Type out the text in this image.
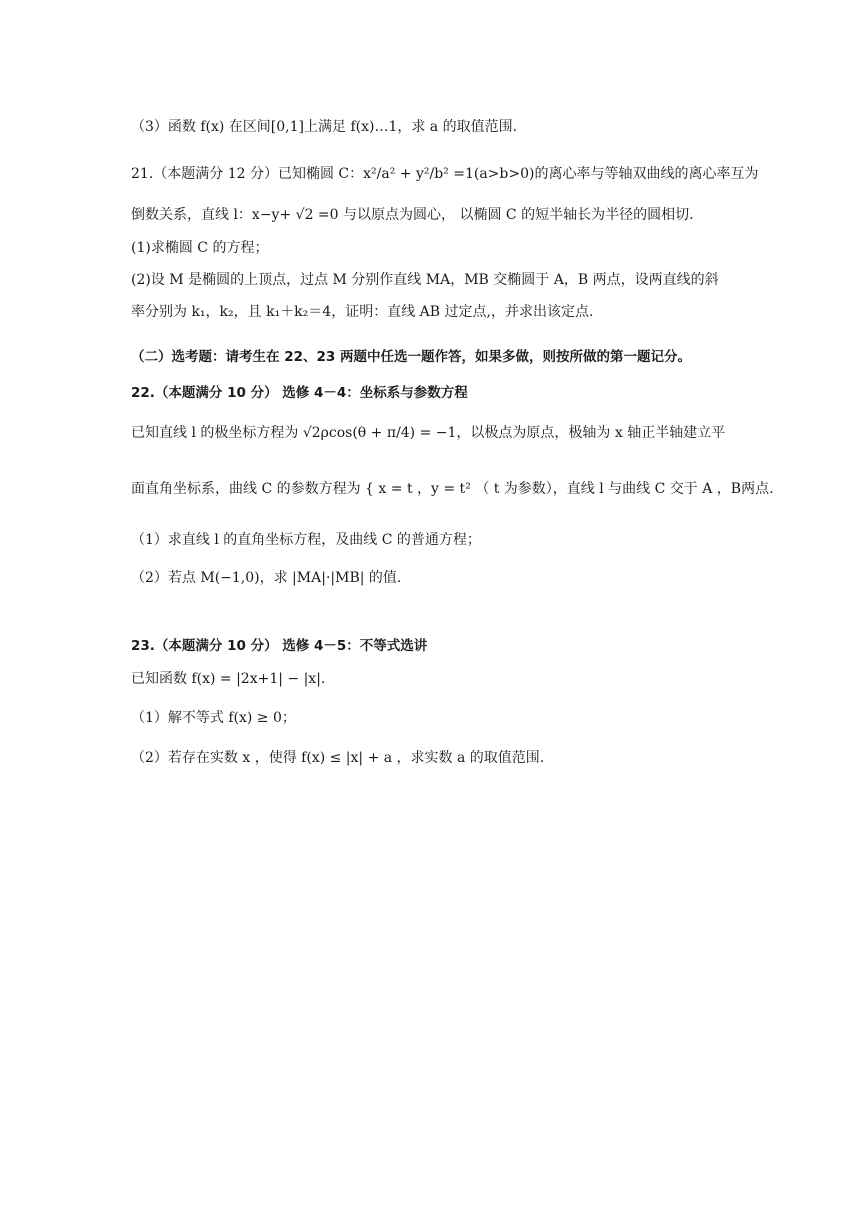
（3）函数 f(x) 在区间[0,1]上满足 f(x)…1，求 a 的取值范围.
21.（本题满分 12 分）已知椭圆 C：x²/a² + y²/b² =1(a>b>0)的离心率与等轴双曲线的离心率互为
倒数关系，直线 l：x−y+ √2 =0 与以原点为圆心， 以椭圆 C 的短半轴长为半径的圆相切.
(1)求椭圆 C 的方程；
(2)设 M 是椭圆的上顶点，过点 M 分别作直线 MA，MB 交椭圆于 A，B 两点，设两直线的斜
率分别为 k₁，k₂，且 k₁＋k₂＝4，证明：直线 AB 过定点,，并求出该定点.
（二）选考题：请考生在 22、23 两题中任选一题作答，如果多做，则按所做的第一题记分。
22.（本题满分 10 分） 选修 4－4：坐标系与参数方程
已知直线 l 的极坐标方程为 √2ρcos(θ + π/4) = −1，以极点为原点，极轴为 x 轴正半轴建立平
面直角坐标系，曲线 C 的参数方程为 { x = t ，y = t² （ t 为参数），直线 l 与曲线 C 交于 A ，B两点.
（1）求直线 l 的直角坐标方程，及曲线 C 的普通方程；
（2）若点 M(−1,0)，求 |MA|·|MB| 的值.
23.（本题满分 10 分） 选修 4－5：不等式选讲
已知函数 f(x) = |2x+1| − |x|.
（1）解不等式 f(x) ≥ 0；
（2）若存在实数 x ，使得 f(x) ≤ |x| + a ，求实数 a 的取值范围.
